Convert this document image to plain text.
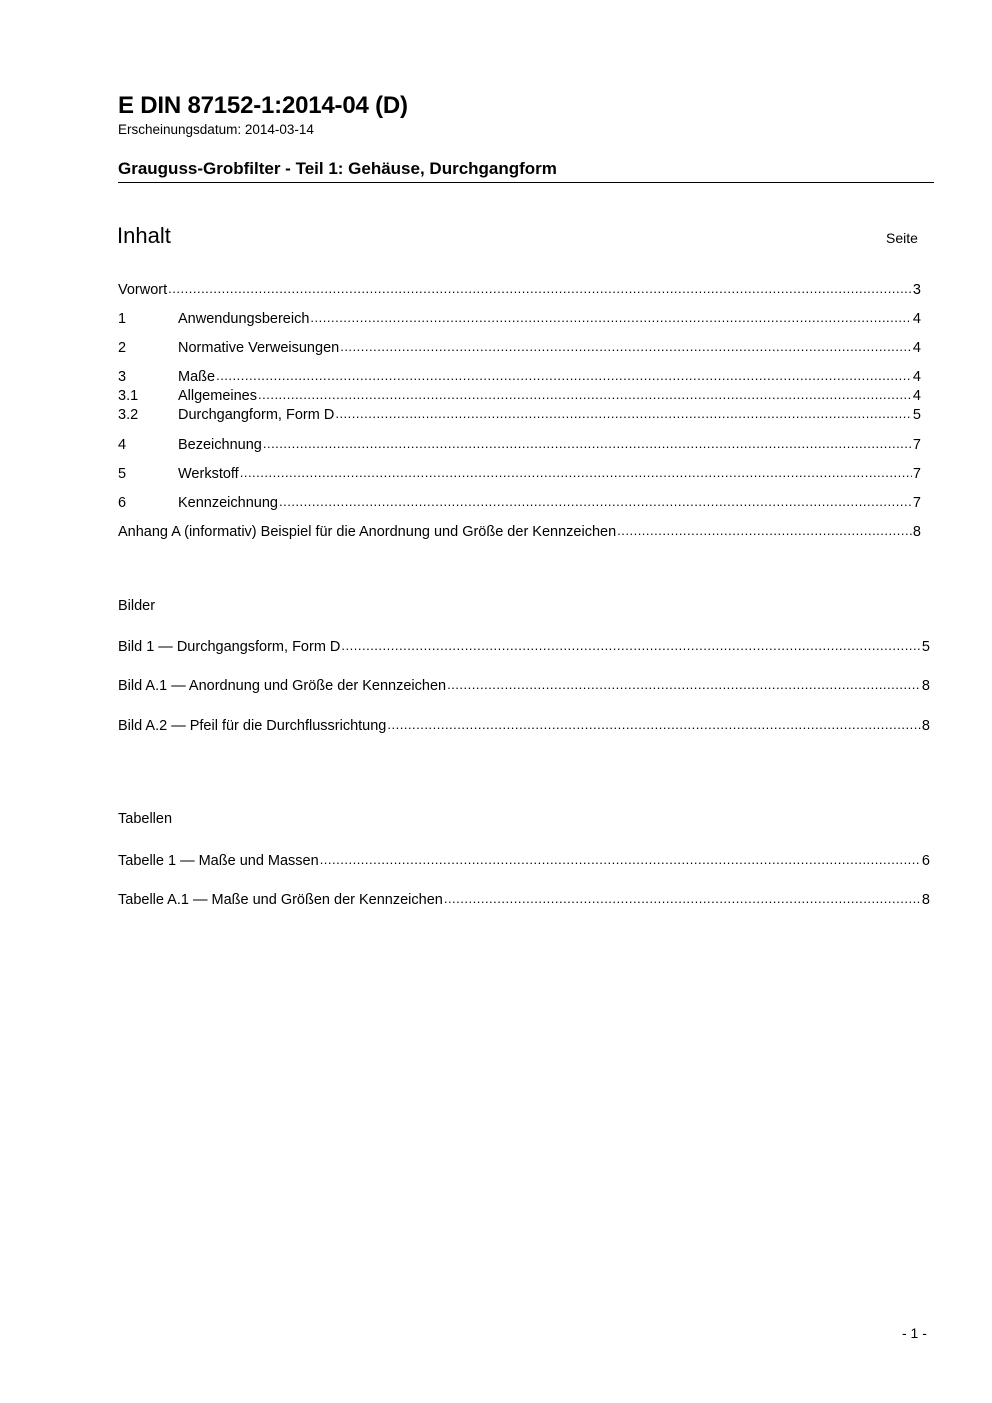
E DIN 87152-1:2014-04 (D)
Erscheinungsdatum: 2014-03-14
Grauguss-Grobfilter - Teil 1: Gehäuse, Durchgangform
Inhalt	Seite
Vorwort .....	3
1	Anwendungsbereich .....	4
2	Normative Verweisungen .....	4
3	Maße .....	4
3.1	Allgemeines .....	4
3.2	Durchgangform, Form D .....	5
4	Bezeichnung .....	7
5	Werkstoff .....	7
6	Kennzeichnung .....	7
Anhang A (informativ) Beispiel für die Anordnung und Größe der Kennzeichen .....	8
Bilder
Bild 1 — Durchgangsform, Form D .....	5
Bild A.1 — Anordnung und Größe der Kennzeichen .....	8
Bild A.2 — Pfeil für die Durchflussrichtung .....	8
Tabellen
Tabelle 1 — Maße und Massen .....	6
Tabelle A.1 — Maße und Größen der Kennzeichen .....	8
- 1 -
